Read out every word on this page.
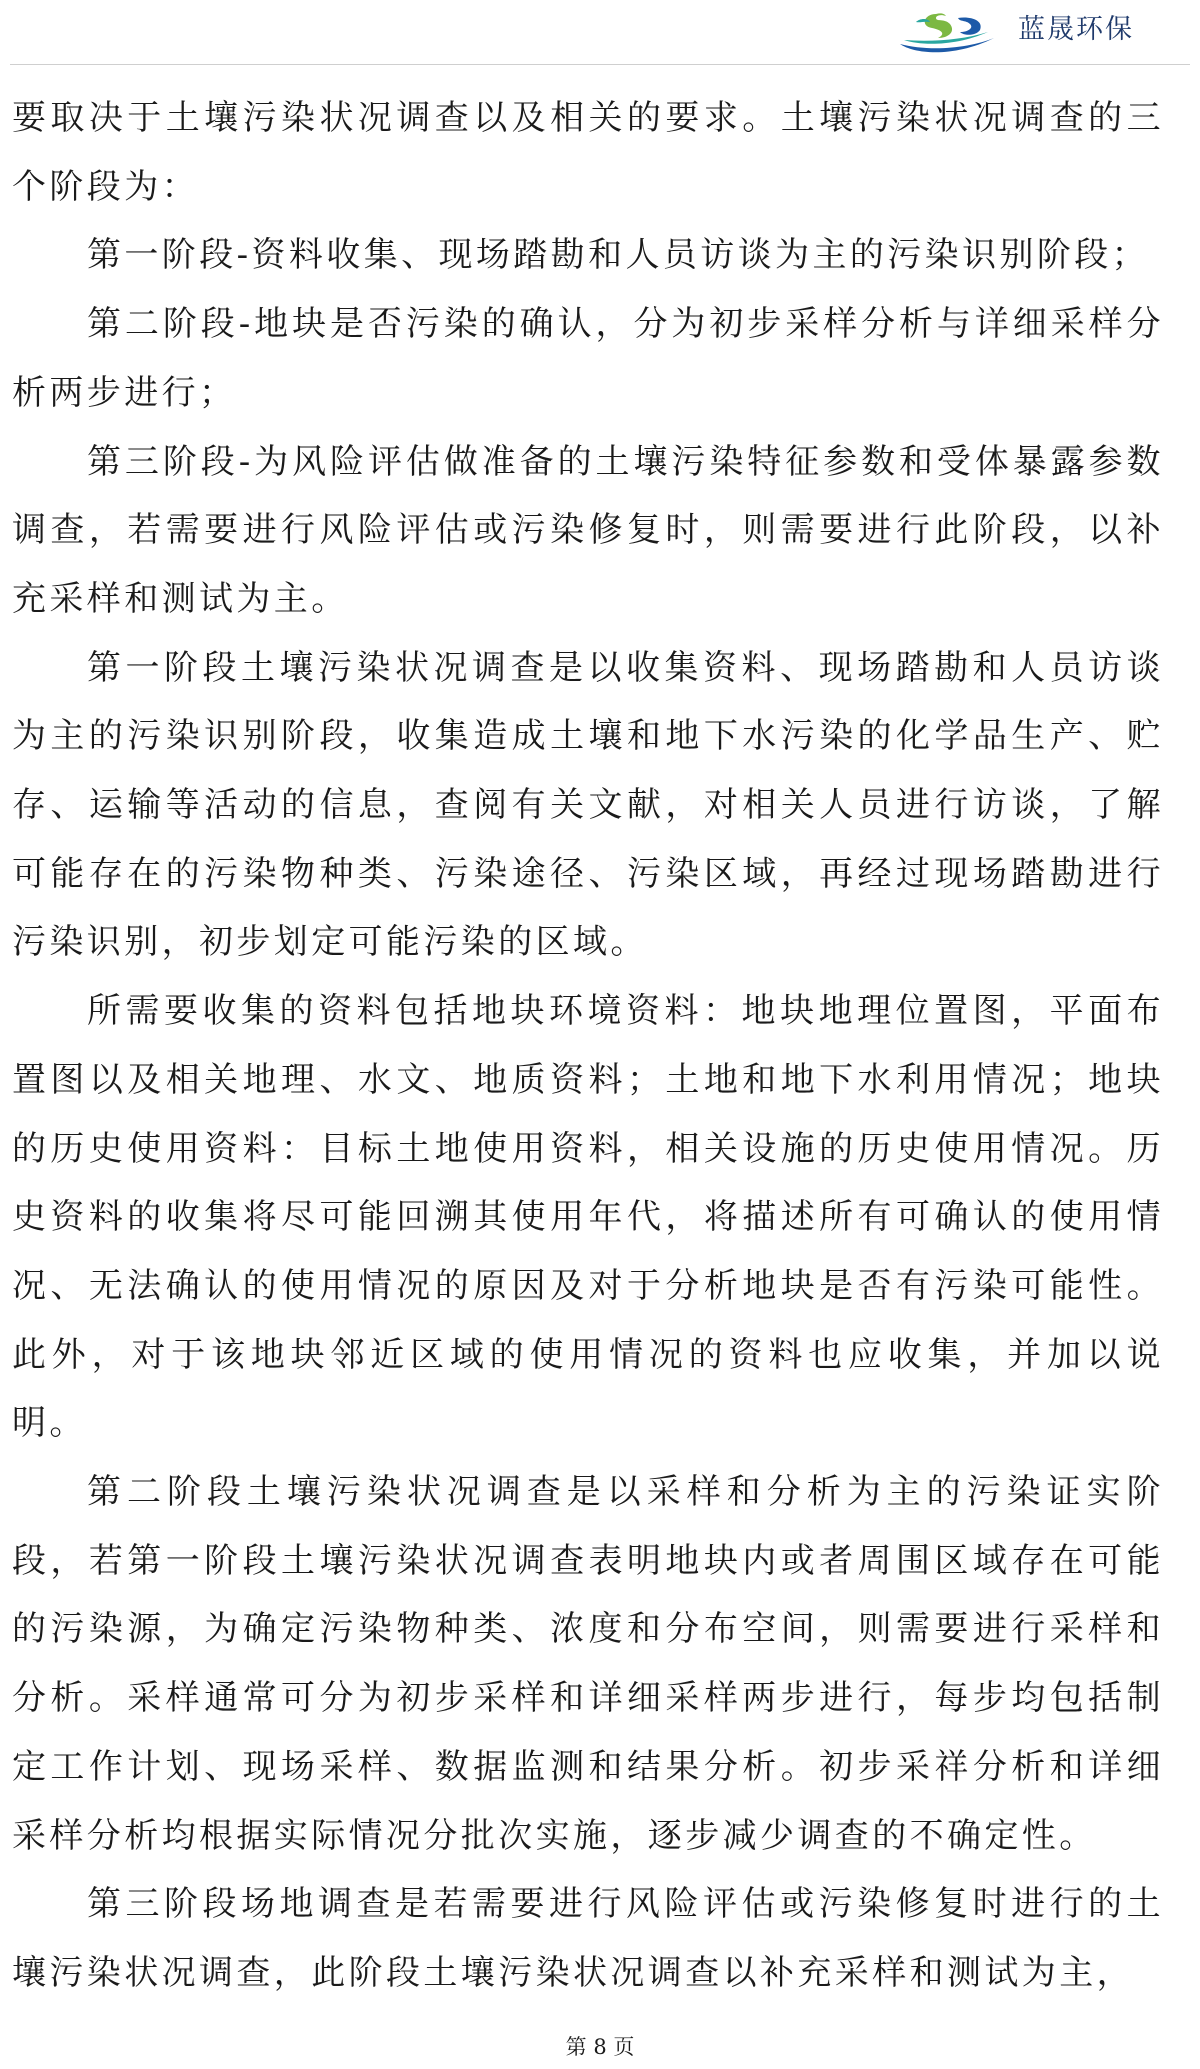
蓝晟环保

要取决于土壤污染状况调查以及相关的要求。土壤污染状况调查的三个阶段为：

第一阶段-资料收集、现场踏勘和人员访谈为主的污染识别阶段；

第二阶段-地块是否污染的确认，分为初步采样分析与详细采样分析两步进行；

第三阶段-为风险评估做准备的土壤污染特征参数和受体暴露参数调查，若需要进行风险评估或污染修复时，则需要进行此阶段，以补充采样和测试为主。

第一阶段土壤污染状况调查是以收集资料、现场踏勘和人员访谈为主的污染识别阶段，收集造成土壤和地下水污染的化学品生产、贮存、运输等活动的信息，查阅有关文献，对相关人员进行访谈，了解可能存在的污染物种类、污染途径、污染区域，再经过现场踏勘进行污染识别，初步划定可能污染的区域。

所需要收集的资料包括地块环境资料：地块地理位置图，平面布置图以及相关地理、水文、地质资料；土地和地下水利用情况；地块的历史使用资料：目标土地使用资料，相关设施的历史使用情况。历史资料的收集将尽可能回溯其使用年代，将描述所有可确认的使用情况、无法确认的使用情况的原因及对于分析地块是否有污染可能性。此外，对于该地块邻近区域的使用情况的资料也应收集，并加以说明。

第二阶段土壤污染状况调查是以采样和分析为主的污染证实阶段，若第一阶段土壤污染状况调查表明地块内或者周围区域存在可能的污染源，为确定污染物种类、浓度和分布空间，则需要进行采样和分析。采样通常可分为初步采样和详细采样两步进行，每步均包括制定工作计划、现场采样、数据监测和结果分析。初步采祥分析和详细采样分析均根据实际情况分批次实施，逐步减少调查的不确定性。

第三阶段场地调查是若需要进行风险评估或污染修复时进行的土壤污染状况调查，此阶段土壤污染状况调查以补充采样和测试为主，

第 8 页
